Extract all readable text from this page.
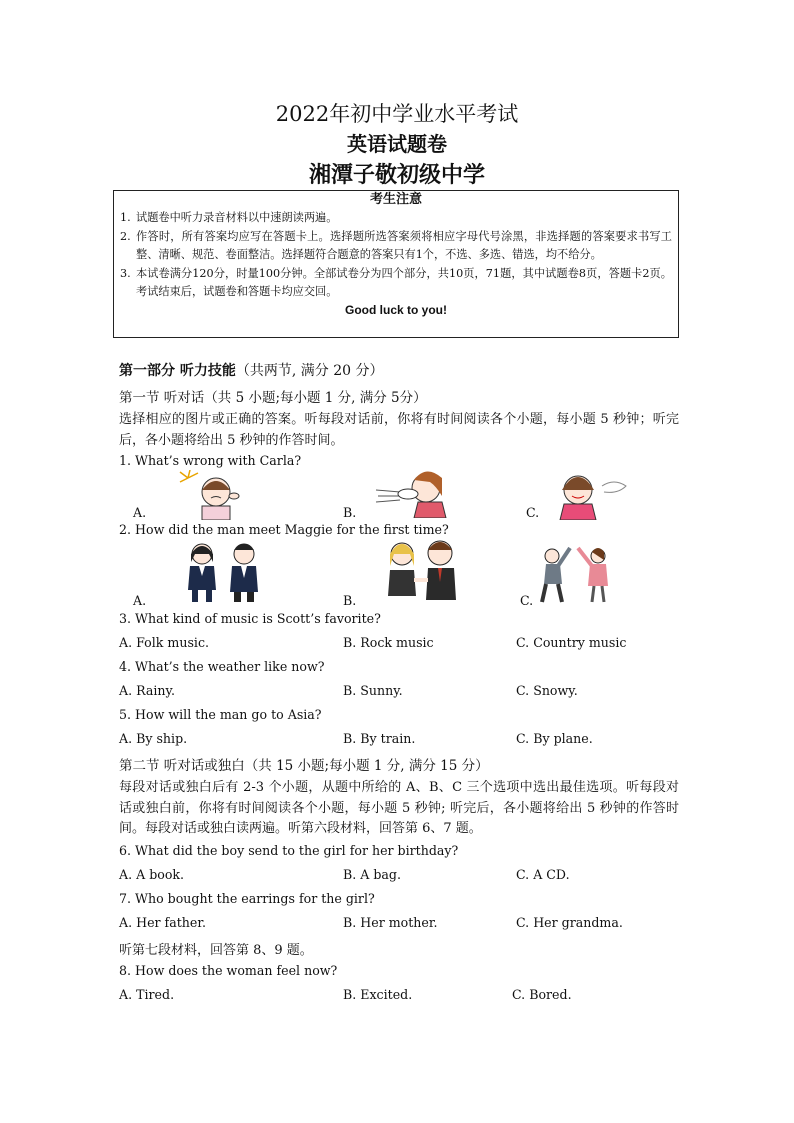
2022年初中学业水平考试
英语试题卷
湘潭子敬初级中学
考生注意
1. 试题卷中听力录音材料以中速朗读两遍。
2. 作答时，所有答案均应写在答题卡上。选择题所选答案须将相应字母代号涂黑，非选择题的答案要求书写工整、清晰、规范、卷面整洁。选择题符合题意的答案只有1个，不选、多选、错选，均不给分。
3. 本试卷满分120分，时量100分钟。全部试卷分为四个部分，共10页，71题，其中试题卷8页，答题卡2页。考试结束后，试题卷和答题卡均应交回。
Good luck to you!
第一部分 听力技能（共两节, 满分 20 分）
第一节 听对话（共 5 小题;每小题 1 分, 满分 5分）
选择相应的图片或正确的答案。听每段对话前，你将有时间阅读各个小题，每小题 5 秒钟；听完后，各小题将给出 5 秒钟的作答时间。
1. What’s wrong with Carla?
A.	B.	C.
2. How did the man meet Maggie for the first time?
A.	B.	C.
3. What kind of music is Scott’s favorite?
A. Folk music.	B. Rock music	C. Country music
4. What’s the weather like now?
A. Rainy.	B. Sunny.	C. Snowy.
5. How will the man go to Asia?
A. By ship.	B. By train.	C. By plane.
第二节 听对话或独白（共 15 小题;每小题 1 分, 满分 15 分）
每段对话或独白后有 2-3 个小题，从题中所给的 A、B、C 三个选项中选出最佳选项。听每段对话或独白前，你将有时间阅读各个小题，每小题 5 秒钟; 听完后，各小题将给出 5 秒钟的作答时间。每段对话或独白读两遍。听第六段材料，回答第 6、7 题。
6. What did the boy send to the girl for her birthday?
A. A book.	B. A bag.	C. A CD.
7. Who bought the earrings for the girl?
A. Her father.	B. Her mother.	C. Her grandma.
听第七段材料，回答第 8、9 题。
8. How does the woman feel now?
A. Tired.	B. Excited.	C. Bored.
